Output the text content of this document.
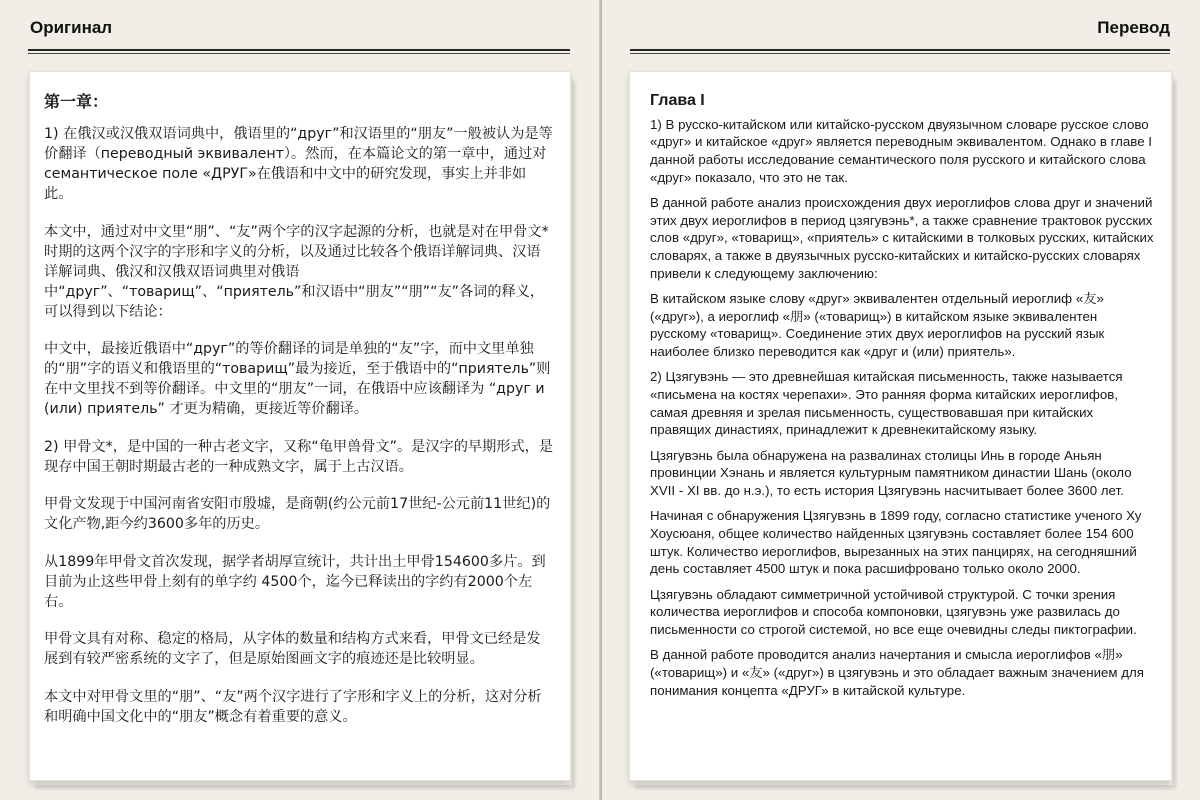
Оригинал
第一章：

1) 在俄汉或汉俄双语词典中，俄语里的“друг”和汉语里的“朋友”一般被认为是等价翻译（переводный эквивалент）。然而，在本篇论文的第一章中，通过对 семантическое поле «ДРУГ»在俄语和中文中的研究发现，事实上并非如此。

本文中，通过对中文里“朋”、“友”两个字的汉字起源的分析，也就是对在甲骨文*时期的这两个汉字的字形和字义的分析，以及通过比较各个俄语详解词典、汉语详解词典、俄汉和汉俄双语词典里对俄语中“друг”、“товарищ”、“приятель”和汉语中“朋友”“朋”“友”各词的释义，可以得到以下结论：

中文中，最接近俄语中“друг”的等价翻译的词是单独的“友”字，而中文里单独的“朋”字的语义和俄语里的“товарищ”最为接近，至于俄语中的“приятель”则在中文里找不到等价翻译。中文里的“朋友”一词，在俄语中应该翻译为 “друг и (или) приятель” 才更为精确，更接近等价翻译。

2) 甲骨文*，是中国的一种古老文字，又称“龟甲兽骨文”。是汉字的早期形式，是现存中国王朝时期最古老的一种成熟文字，属于上古汉语。

甲骨文发现于中国河南省安阳市殷墟，是商朝(约公元前17世纪-公元前11世纪)的文化产物,距今约3600多年的历史。

从1899年甲骨文首次发现，据学者胡厚宣统计，共计出土甲骨154600多片。到目前为止这些甲骨上刻有的单字约 4500个，迄今已释读出的字约有2000个左右。

甲骨文具有对称、稳定的格局，从字体的数量和结构方式来看，甲骨文已经是发展到有较严密系统的文字了，但是原始图画文字的痕迹还是比较明显。

本文中对甲骨文里的“朋”、“友”两个汉字进行了字形和字义上的分析，这对分析和明确中国文化中的“朋友”概念有着重要的意义。

Перевод
Глава I

1) В русско-китайском или китайско-русском двуязычном словаре русское слово «друг» и китайское «друг» является переводным эквивалентом. Однако в главе I данной работы исследование семантического поля русского и китайского слова «друг» показало, что это не так.

В данной работе анализ происхождения двух иероглифов слова друг и значений этих двух иероглифов в период цзягувэнь*, а также сравнение трактовок русских слов «друг», «товарищ», «приятель» с китайскими в толковых русских, китайских словарях, а также в двуязычных русско-китайских и китайско-русских словарях привели к следующему заключению:

В китайском языке слову «друг» эквивалентен отдельный иероглиф «友» («друг»), а иероглиф «朋» («товарищ») в китайском языке эквивалентен русскому «товарищ». Соединение этих двух иероглифов на русский язык наиболее близко переводится как «друг и (или) приятель».

2) Цзягувэнь — это древнейшая китайская письменность, также называется «письмена на костях черепахи». Это ранняя форма китайских иероглифов, самая древняя и зрелая письменность, существовавшая при китайских правящих династиях, принадлежит к древнекитайскому языку.

Цзягувэнь была обнаружена на развалинах столицы Инь в городе Аньян провинции Хэнань и является культурным памятником династии Шань (около XVII - XI вв. до н.э.), то есть история Цзягувэнь насчитывает более 3600 лет.

Начиная с обнаружения Цзягувэнь в 1899 году, согласно статистике ученого Ху Хоусюаня, общее количество найденных цзягувэнь составляет более 154 600 штук. Количество иероглифов, вырезанных на этих панцирях, на сегодняшний день составляет 4500 штук и пока расшифровано только около 2000.

Цзягувэнь обладают симметричной устойчивой структурой. С точки зрения количества иероглифов и способа компоновки, цзягувэнь уже развилась до письменности со строгой системой, но все еще очевидны следы пиктографии.

В данной работе проводится анализ начертания и смысла иероглифов «朋» («товарищ») и «友» («друг») в цзягувэнь и это обладает важным значением для понимания концепта «ДРУГ» в китайской культуре.
